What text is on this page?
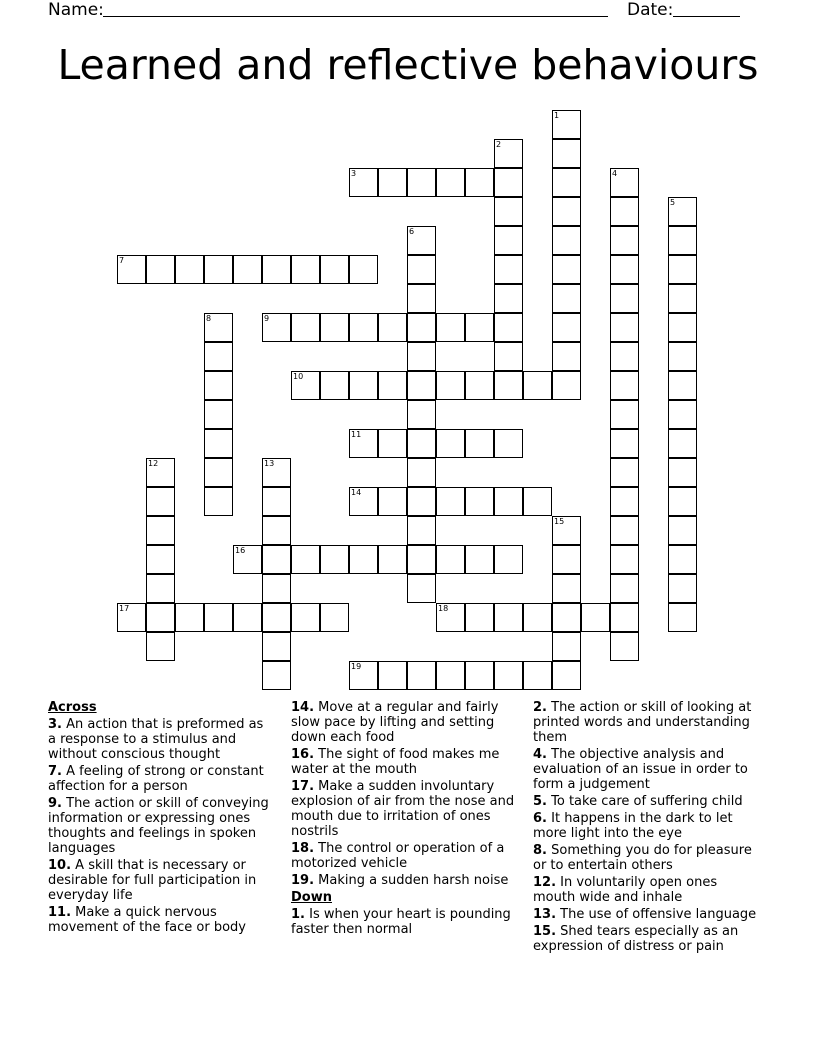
Name:	Date:
Learned and reflective behaviours
1
2
3	4
5
6
7
8	9
10
11
12	13
14
15
16
17	18
19
Across
3. An action that is preformed as a response to a stimulus and without conscious thought
7. A feeling of strong or constant affection for a person
9. The action or skill of conveying information or expressing ones thoughts and feelings in spoken languages
10. A skill that is necessary or desirable for full participation in everyday life
11. Make a quick nervous movement of the face or body
14. Move at a regular and fairly slow pace by lifting and setting down each food
16. The sight of food makes me water at the mouth
17. Make a sudden involuntary explosion of air from the nose and mouth due to irritation of ones nostrils
18. The control or operation of a motorized vehicle
19. Making a sudden harsh noise
Down
1. Is when your heart is pounding faster then normal
2. The action or skill of looking at printed words and understanding them
4. The objective analysis and evaluation of an issue in order to form a judgement
5. To take care of suffering child
6. It happens in the dark to let more light into the eye
8. Something you do for pleasure or to entertain others
12. In voluntarily open ones mouth wide and inhale
13. The use of offensive language
15. Shed tears especially as an expression of distress or pain
